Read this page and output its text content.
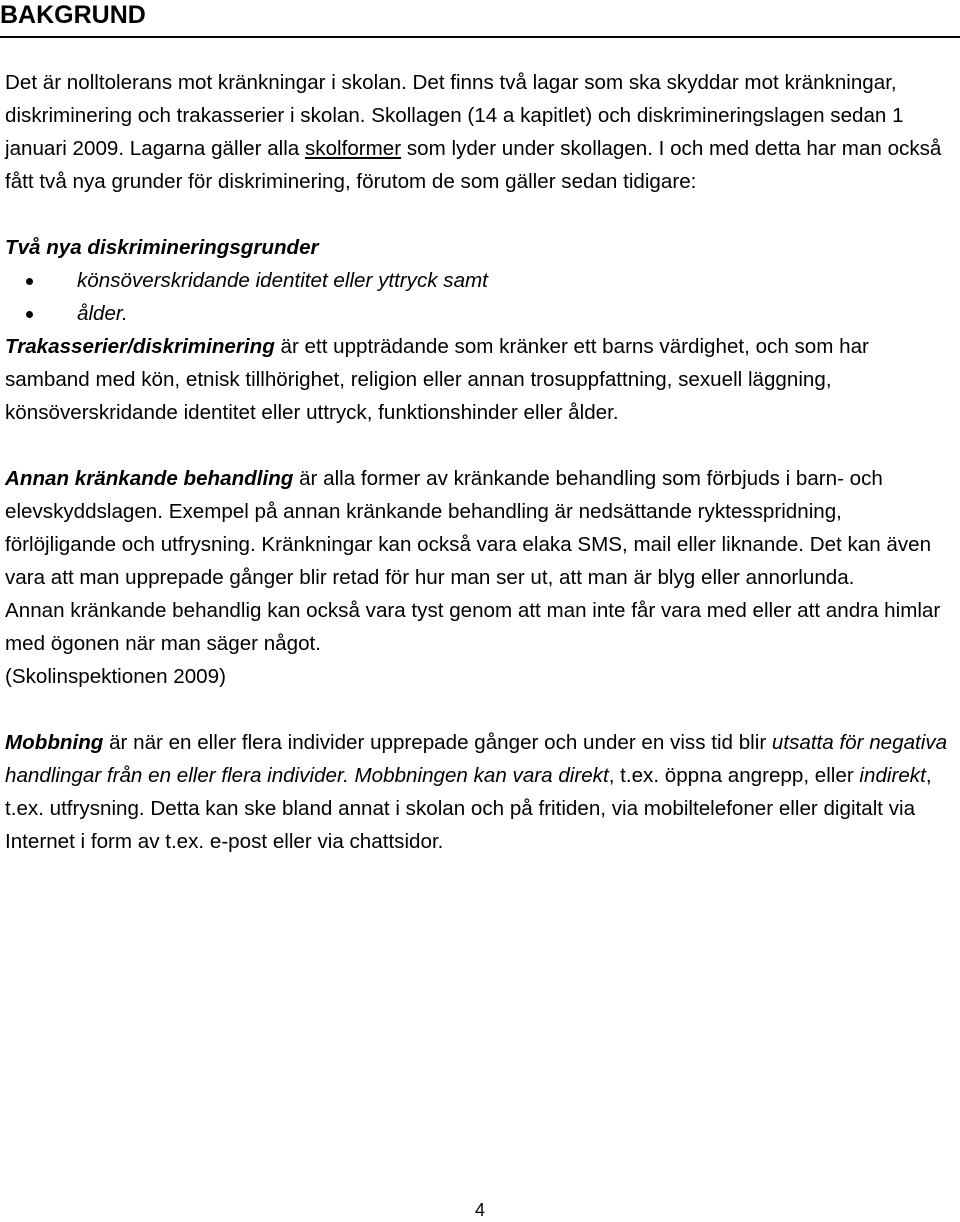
BAKGRUND

Det är nolltolerans mot kränkningar i skolan. Det finns två lagar som ska skyddar mot kränkningar, diskriminering och trakasserier i skolan. Skollagen (14 a kapitlet) och diskrimineringslagen sedan 1 januari 2009. Lagarna gäller alla skolformer som lyder under skollagen. I och med detta har man också fått två nya grunder för diskriminering, förutom de som gäller sedan tidigare:

Två nya diskrimineringsgrunder

könsöverskridande identitet eller yttryck samt
ålder.

Trakasserier/diskriminering är ett uppträdande som kränker ett barns värdighet, och som har samband med kön, etnisk tillhörighet, religion eller annan trosuppfattning, sexuell läggning, könsöverskridande identitet eller uttryck, funktionshinder eller ålder.

Annan kränkande behandling är alla former av kränkande behandling som förbjuds i barn- och elevskyddslagen. Exempel på annan kränkande behandling är nedsättande ryktesspridning, förlöjligande och utfrysning. Kränkningar kan också vara elaka SMS, mail eller liknande. Det kan även vara att man upprepade gånger blir retad för hur man ser ut, att man är blyg eller annorlunda.

Annan kränkande behandlig kan också vara tyst genom att man inte får vara med eller att andra himlar med ögonen när man säger något.

(Skolinspektionen 2009)

Mobbning är när en eller flera individer upprepade gånger och under en viss tid blir utsatta för negativa handlingar från en eller flera individer. Mobbningen kan vara direkt, t.ex. öppna angrepp, eller indirekt, t.ex. utfrysning. Detta kan ske bland annat i skolan och på fritiden, via mobiltelefoner eller digitalt via Internet i form av t.ex. e-post eller via chattsidor.

4
